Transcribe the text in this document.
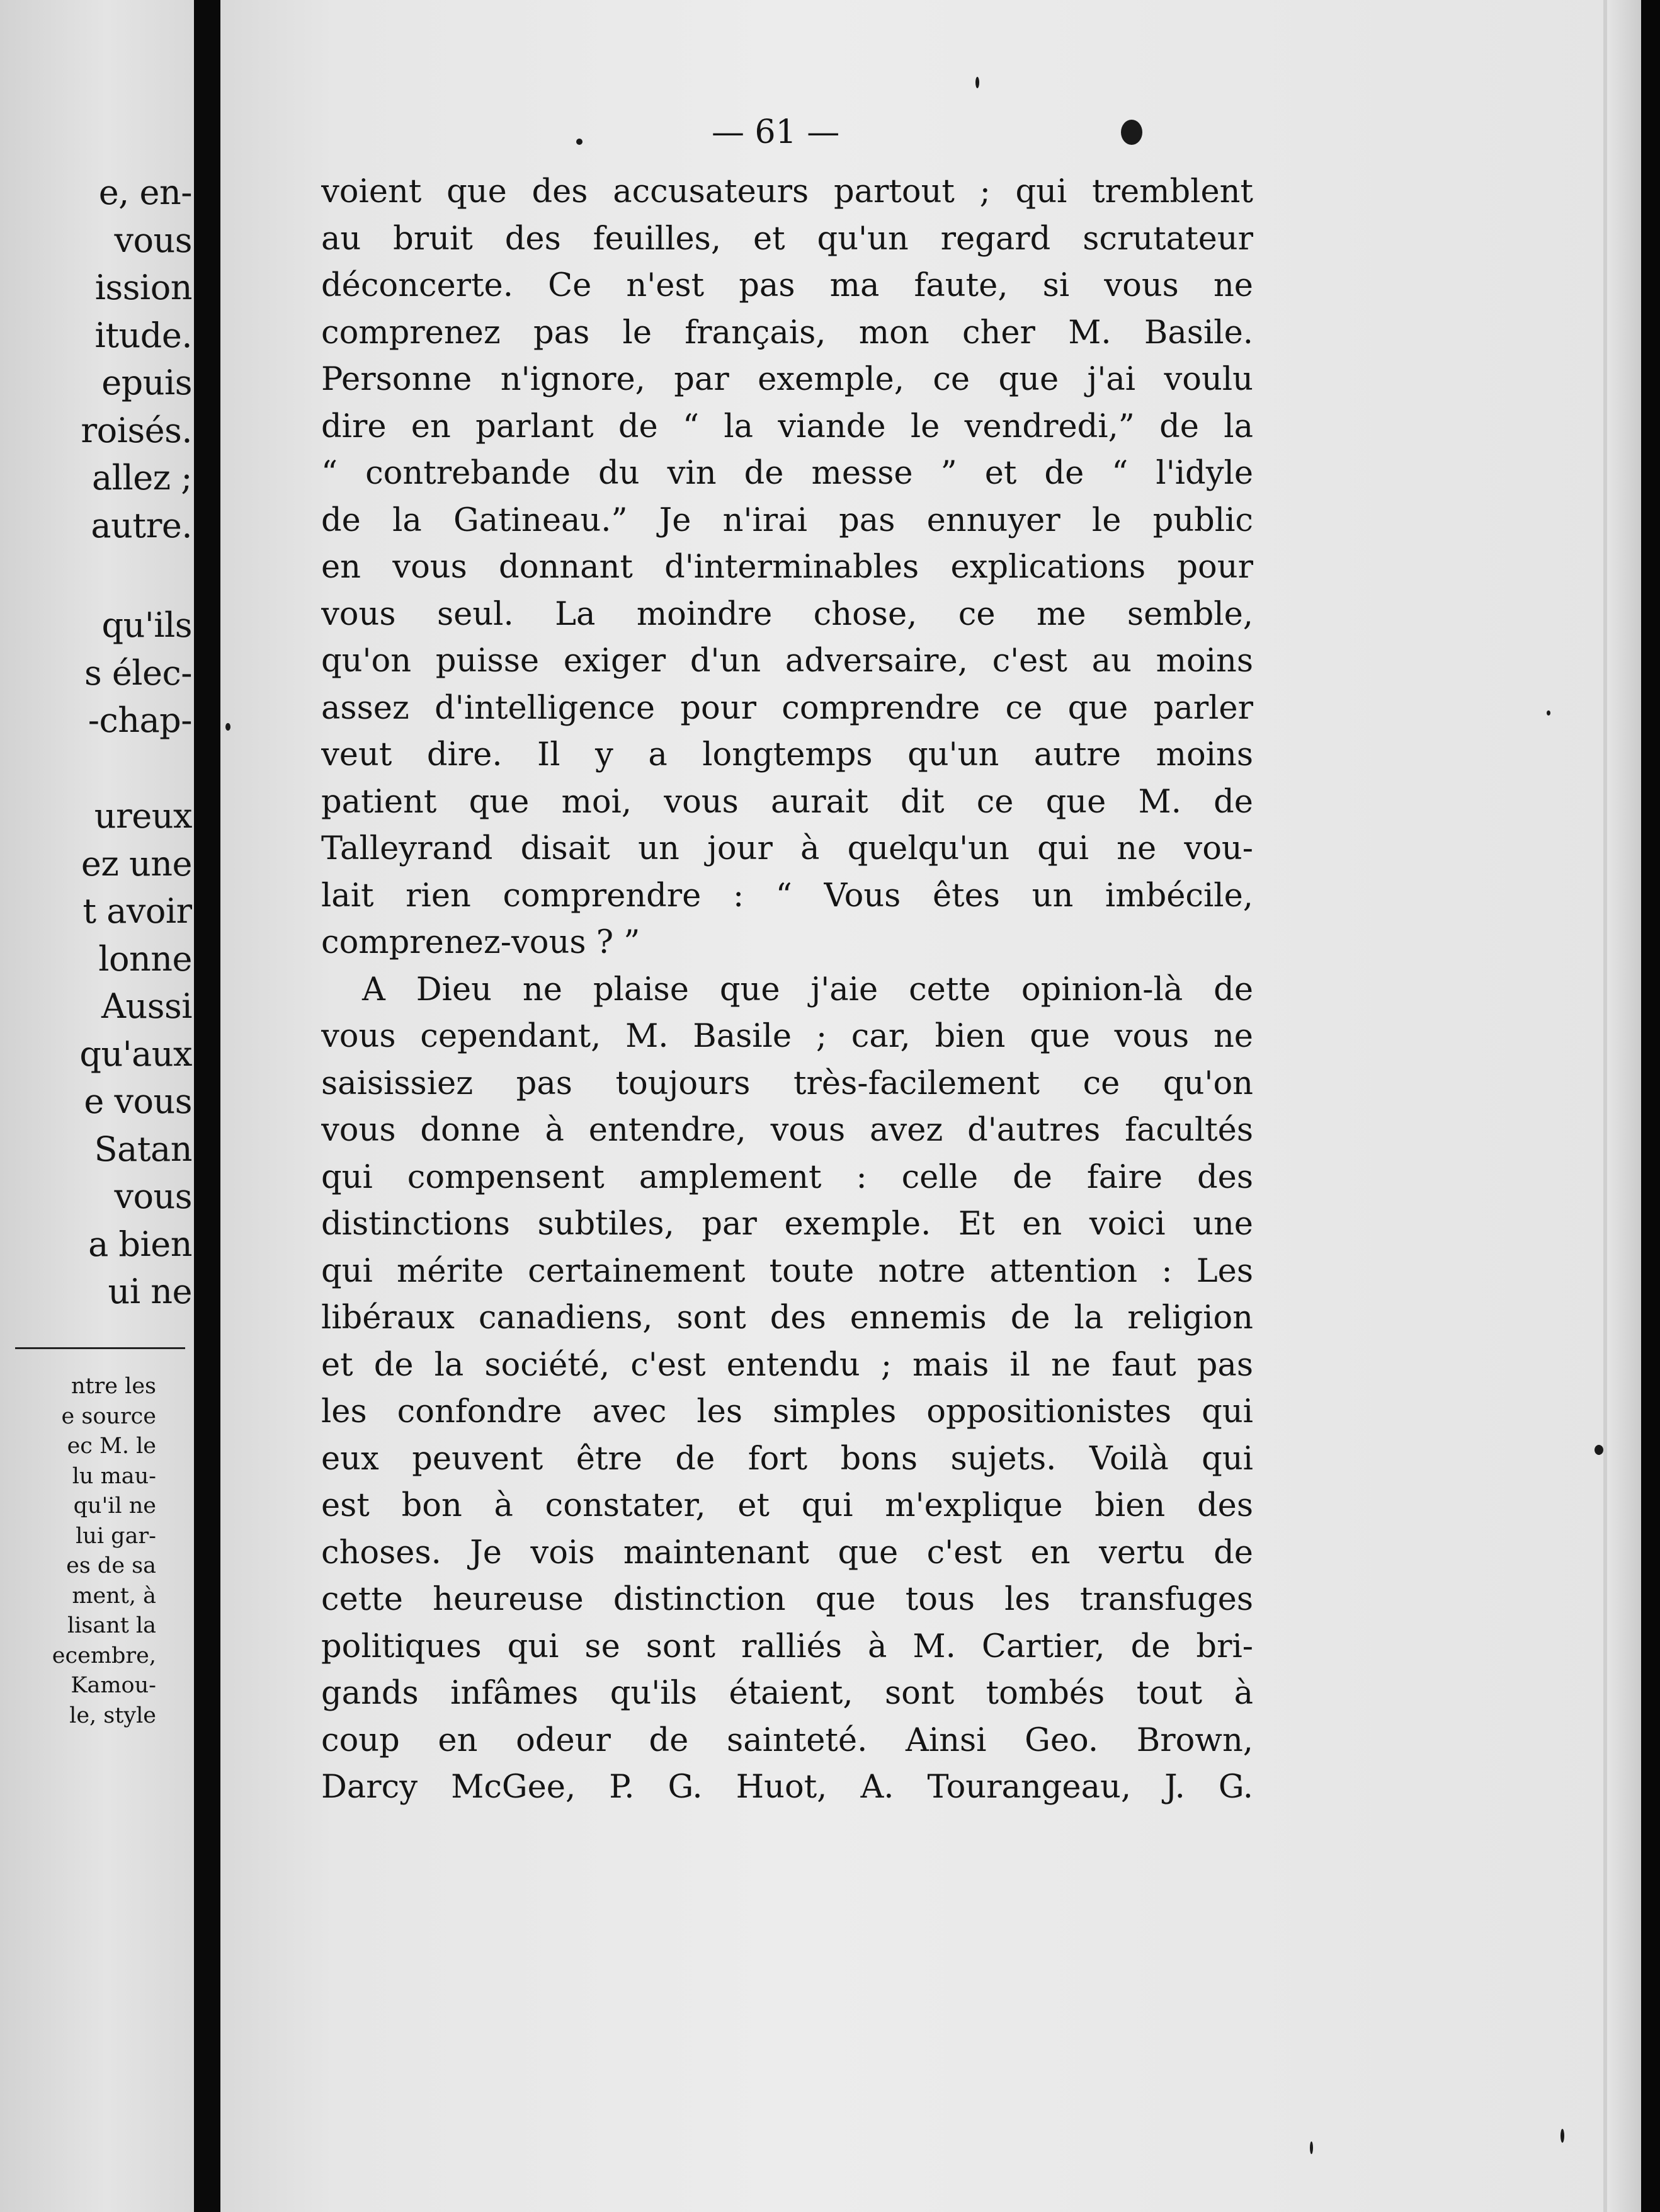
e, en-
vous
ission
itude.
epuis
roisés.
allez ;
autre.
qu'ils
s élec-
-chap-
ureux
ez une
t avoir
lonne
Aussi
qu'aux
e vous
Satan
vous
a bien
ui ne
ntre les
e source
ec M. le
lu mau-
qu'il ne
lui gar-
es de sa
ment, à
lisant la
ecembre,
Kamou-
le, style
— 61 —
voient que des accusateurs partout ; qui tremblent
au bruit des feuilles, et qu'un regard scrutateur
déconcerte. Ce n'est pas ma faute, si vous ne
comprenez pas le français, mon cher M. Basile.
Personne n'ignore, par exemple, ce que j'ai voulu
dire en parlant de “ la viande le vendredi,” de la
“ contrebande du vin de messe ” et de “ l'idyle
de la Gatineau.” Je n'irai pas ennuyer le public
en vous donnant d'interminables explications pour
vous seul. La moindre chose, ce me semble,
qu'on puisse exiger d'un adversaire, c'est au moins
assez d'intelligence pour comprendre ce que parler
veut dire. Il y a longtemps qu'un autre moins
patient que moi, vous aurait dit ce que M. de
Talleyrand disait un jour à quelqu'un qui ne vou-
lait rien comprendre : “ Vous êtes un imbécile,
comprenez-vous ? ”
A Dieu ne plaise que j'aie cette opinion-là de
vous cependant, M. Basile ; car, bien que vous ne
saisissiez pas toujours très-facilement ce qu'on
vous donne à entendre, vous avez d'autres facultés
qui compensent amplement : celle de faire des
distinctions subtiles, par exemple. Et en voici une
qui mérite certainement toute notre attention : Les
libéraux canadiens, sont des ennemis de la religion
et de la société, c'est entendu ; mais il ne faut pas
les confondre avec les simples oppositionistes qui
eux peuvent être de fort bons sujets. Voilà qui
est bon à constater, et qui m'explique bien des
choses. Je vois maintenant que c'est en vertu de
cette heureuse distinction que tous les transfuges
politiques qui se sont ralliés à M. Cartier, de bri-
gands infâmes qu'ils étaient, sont tombés tout à
coup en odeur de sainteté. Ainsi Geo. Brown,
Darcy McGee, P. G. Huot, A. Tourangeau, J. G.
